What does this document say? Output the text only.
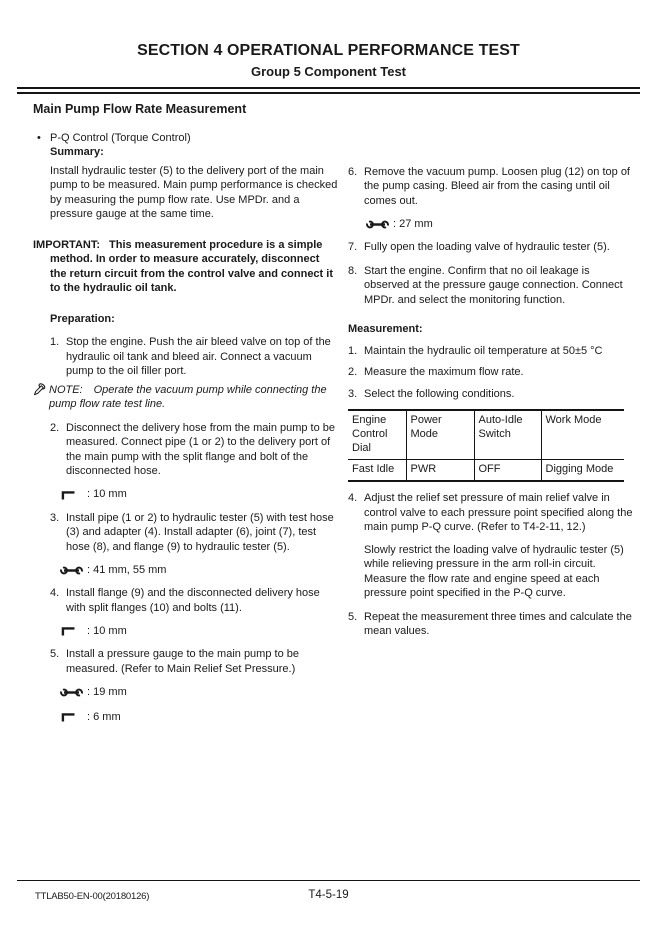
SECTION 4 OPERATIONAL PERFORMANCE TEST
Group 5 Component Test
Main Pump Flow Rate Measurement
• P-Q Control (Torque Control)
Summary:
Install hydraulic tester (5) to the delivery port of the main pump to be measured. Main pump performance is checked by measuring the pump flow rate. Use MPDr. and a pressure gauge at the same time.
IMPORTANT: This measurement procedure is a simple method. In order to measure accurately, disconnect the return circuit from the control valve and connect it to the hydraulic oil tank.
Preparation:
1. Stop the engine. Push the air bleed valve on top of the hydraulic oil tank and bleed air. Connect a vacuum pump to the oil filler port.
NOTE: Operate the vacuum pump while connecting the pump flow rate test line.
2. Disconnect the delivery hose from the main pump to be measured. Connect pipe (1 or 2) to the delivery port of the main pump with the split flange and bolt of the disconnected hose.
: 10 mm
3. Install pipe (1 or 2) to hydraulic tester (5) with test hose (3) and adapter (4). Install adapter (6), joint (7), test hose (8), and flange (9) to hydraulic tester (5).
: 41 mm, 55 mm
4. Install flange (9) and the disconnected delivery hose with split flanges (10) and bolts (11).
: 10 mm
5. Install a pressure gauge to the main pump to be measured. (Refer to Main Relief Set Pressure.)
: 19 mm
: 6 mm
6. Remove the vacuum pump. Loosen plug (12) on top of the pump casing. Bleed air from the casing until oil comes out.
: 27 mm
7. Fully open the loading valve of hydraulic tester (5).
8. Start the engine. Confirm that no oil leakage is observed at the pressure gauge connection. Connect MPDr. and select the monitoring function.
Measurement:
1. Maintain the hydraulic oil temperature at 50±5 °C
2. Measure the maximum flow rate.
3. Select the following conditions.
Engine Control Dial	Power Mode	Auto-Idle Switch	Work Mode
Fast Idle	PWR	OFF	Digging Mode
4. Adjust the relief set pressure of main relief valve in control valve to each pressure point specified along the main pump P-Q curve. (Refer to T4-2-11, 12.)
Slowly restrict the loading valve of hydraulic tester (5) while relieving pressure in the arm roll-in circuit. Measure the flow rate and engine speed at each pressure point specified in the P-Q curve.
5. Repeat the measurement three times and calculate the mean values.
TTLAB50-EN-00(20180126)	T4-5-19
